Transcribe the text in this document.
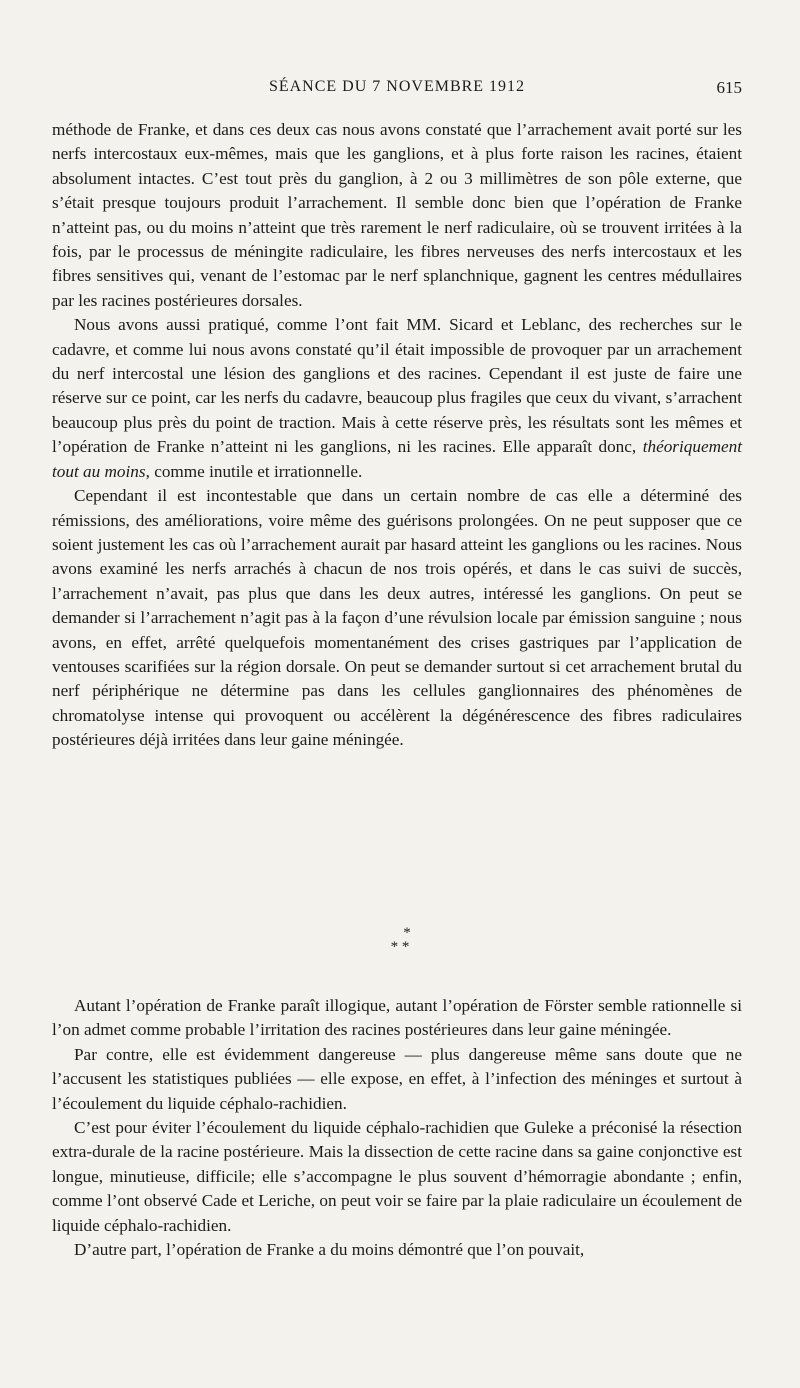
SÉANCE DU 7 NOVEMBRE 1912	615

méthode de Franke, et dans ces deux cas nous avons constaté que l’arrachement avait porté sur les nerfs intercostaux eux-mêmes, mais que les ganglions, et à plus forte raison les racines, étaient absolument intactes. C’est tout près du ganglion, à 2 ou 3 millimètres de son pôle externe, que s’était presque toujours produit l’arrachement. Il semble donc bien que l’opération de Franke n’atteint pas, ou du moins n’atteint que très rarement le nerf radiculaire, où se trouvent irritées à la fois, par le processus de méningite radiculaire, les fibres nerveuses des nerfs intercostaux et les fibres sensitives qui, venant de l’estomac par le nerf splanchnique, gagnent les centres médullaires par les racines postérieures dorsales.

Nous avons aussi pratiqué, comme l’ont fait MM. Sicard et Leblanc, des recherches sur le cadavre, et comme lui nous avons constaté qu’il était impossible de provoquer par un arrachement du nerf intercostal une lésion des ganglions et des racines. Cependant il est juste de faire une réserve sur ce point, car les nerfs du cadavre, beaucoup plus fragiles que ceux du vivant, s’arrachent beaucoup plus près du point de traction. Mais à cette réserve près, les résultats sont les mêmes et l’opération de Franke n’atteint ni les ganglions, ni les racines. Elle apparaît donc, théoriquement tout au moins, comme inutile et irrationnelle.

Cependant il est incontestable que dans un certain nombre de cas elle a déterminé des rémissions, des améliorations, voire même des guérisons prolongées. On ne peut supposer que ce soient justement les cas où l’arrachement aurait par hasard atteint les ganglions ou les racines. Nous avons examiné les nerfs arrachés à chacun de nos trois opérés, et dans le cas suivi de succès, l’arrachement n’avait, pas plus que dans les deux autres, intéressé les ganglions. On peut se demander si l’arrachement n’agit pas à la façon d’une révulsion locale par émission sanguine ; nous avons, en effet, arrêté quelquefois momentanément des crises gastriques par l’application de ventouses scarifiées sur la région dorsale. On peut se demander surtout si cet arrachement brutal du nerf périphérique ne détermine pas dans les cellules ganglionnaires des phénomènes de chromatolyse intense qui provoquent ou accélèrent la dégénérescence des fibres radiculaires postérieures déjà irritées dans leur gaine méningée.

*
* *

Autant l’opération de Franke paraît illogique, autant l’opération de Förster semble rationnelle si l’on admet comme probable l’irritation des racines postérieures dans leur gaine méningée.

Par contre, elle est évidemment dangereuse — plus dangereuse même sans doute que ne l’accusent les statistiques publiées — elle expose, en effet, à l’infection des méninges et surtout à l’écoulement du liquide céphalo-rachidien.

C’est pour éviter l’écoulement du liquide céphalo-rachidien que Guleke a préconisé la résection extra-durale de la racine postérieure. Mais la dissection de cette racine dans sa gaine conjonctive est longue, minutieuse, difficile; elle s’accompagne le plus souvent d’hémorragie abondante ; enfin, comme l’ont observé Cade et Leriche, on peut voir se faire par la plaie radiculaire un écoulement de liquide céphalo-rachidien.

D’autre part, l’opération de Franke a du moins démontré que l’on pouvait,
